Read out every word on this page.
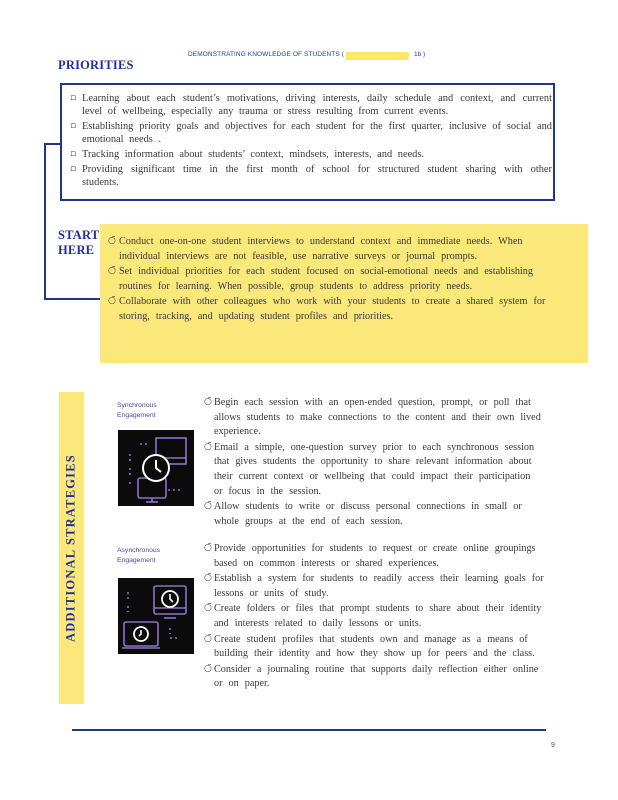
DEMONSTRATING KNOWLEDGE OF STUDENTS (	1b )
PRIORITIES
▫ Learning about each student’s motivations, driving interests, daily schedule and context, and current level of wellbeing, especially any trauma or stress resulting from current events.
▫ Establishing priority goals and objectives for each student for the first quarter, inclusive of social and emotional needs .
▫ Tracking information about students’ context, mindsets, interests, and needs.
▫ Providing significant time in the first month of school for structured student sharing with other students.
START
HERE
○̃ Conduct one-on-one student interviews to understand context and immediate needs. When individual interviews are not feasible, use narrative surveys or journal prompts.
○̃ Set individual priorities for each student focused on social-emotional needs and establishing routines for learning. When possible, group students to address priority needs.
○̃ Collaborate with other colleagues who work with your students to create a shared system for storing, tracking, and updating student profiles and priorities.
ADDITIONAL STRATEGIES
Synchronous
Engagement
○̃ Begin each session with an open-ended question, prompt, or poll that allows students to make connections to the content and their own lived experience.
○̃ Email a simple, one-question survey prior to each synchronous session that gives students the opportunity to share relevant information about their current context or wellbeing that could impact their participation or focus in the session.
○̃ Allow students to write or discuss personal connections in small or whole groups at the end of each session.
Asynchronous
Engagement
○̃ Provide opportunities for students to request or create online groupings based on common interests or shared experiences.
○̃ Establish a system for students to readily access their learning goals for lessons or units of study.
○̃ Create folders or files that prompt students to share about their identity and interests related to daily lessons or units.
○̃ Create student profiles that students own and manage as a means of building their identity and how they show up for peers and the class.
○̃ Consider a journaling routine that supports daily reflection either online or on paper.
9
